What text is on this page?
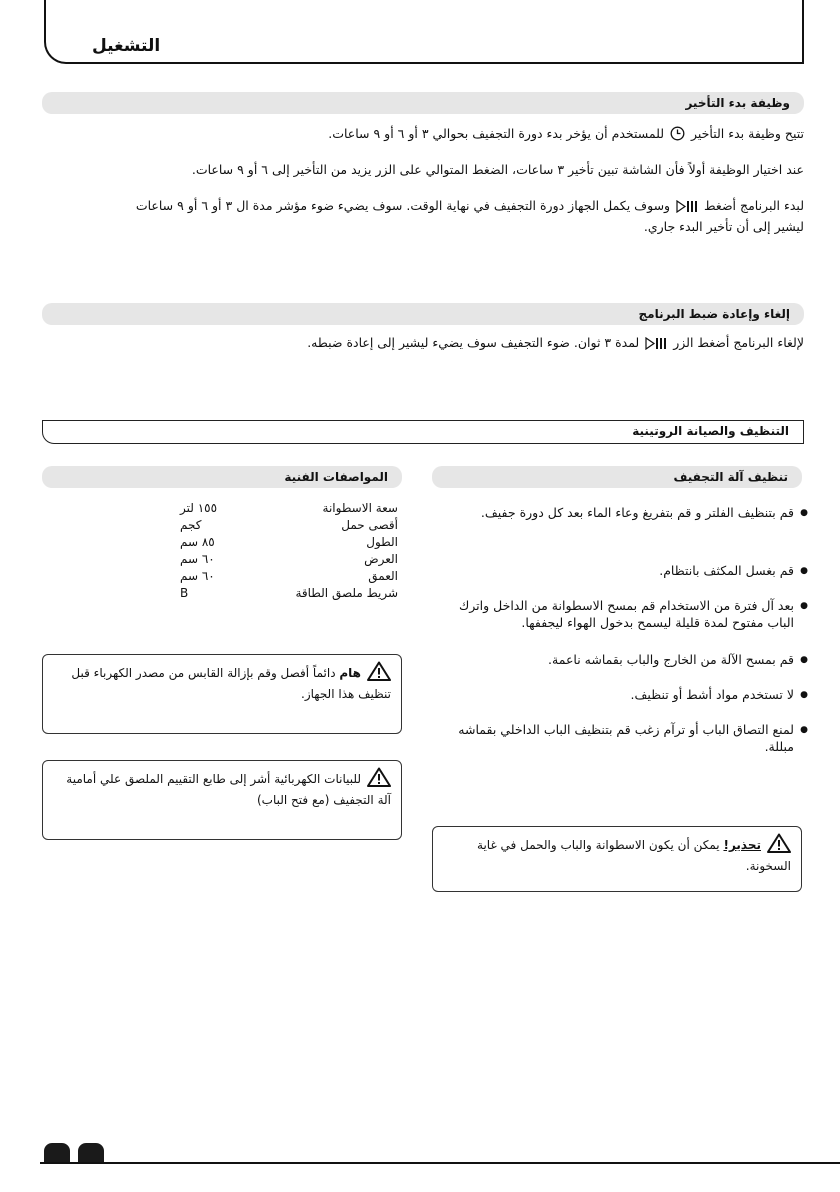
التشغيل
وظيفة بدء التأخير
تتيح وظيفة بدء التأخير  للمستخدم أن يؤخر بدء دورة التجفيف بحوالي ٣ أو ٦ أو ٩ ساعات.
عند اختيار الوظيفة أولاً فأن الشاشة تبين تأخير ٣ ساعات، الضغط المتوالي على الزر يزيد من التأخير إلى ٦ أو ٩ ساعات.
لبدء البرنامج أضغط  وسوف يكمل الجهاز دورة التجفيف في نهاية الوقت. سوف يضيء ضوء مؤشر مدة ال ٣ أو ٦ أو ٩ ساعات
ليشير إلى أن تأخير البدء جاري.
إلغاء وإعادة ضبط البرنامج
لإلغاء البرنامج أضغط الزر  لمدة ٣ ثوان. ضوء التجفيف سوف يضيء ليشير إلى إعادة ضبطه.
التنظيف والصيانة الروتينية
تنظيف آلة التجفيف
المواصفات الفنية
سعة الاسطوانة
١٥٥ لتر
أقصى حمل
كجم
الطول
٨٥ سم
العرض
٦٠ سم
العمق
٦٠ سم
شريط ملصق الطاقة
B
هام دائماً أفصل وقم بإزالة القابس من مصدر الكهرباء قبل تنظيف هذا الجهاز.
للبيانات الكهربائية أشر إلى طابع التقييم الملصق علي أمامية آلة التجفيف (مع فتح الباب)
● قم بتنظيف الفلتر و قم بتفريغ وعاء الماء بعد كل دورة جفيف.
● قم بغسل المكثف بانتظام.
● بعد آل فترة من الاستخدام قم بمسح الاسطوانة من الداخل واترك الباب مفتوح لمدة قليلة ليسمح بدخول الهواء ليجففها.
● قم بمسح الآلة من الخارج والباب بقماشه ناعمة.
● لا تستخدم مواد أشط أو تنظيف.
● لمنع التصاق الباب أو ترآم زغب قم بتنظيف الباب الداخلي بقماشه مبللة.
تحذير! يمكن أن يكون الاسطوانة والباب والحمل في غاية السخونة.
